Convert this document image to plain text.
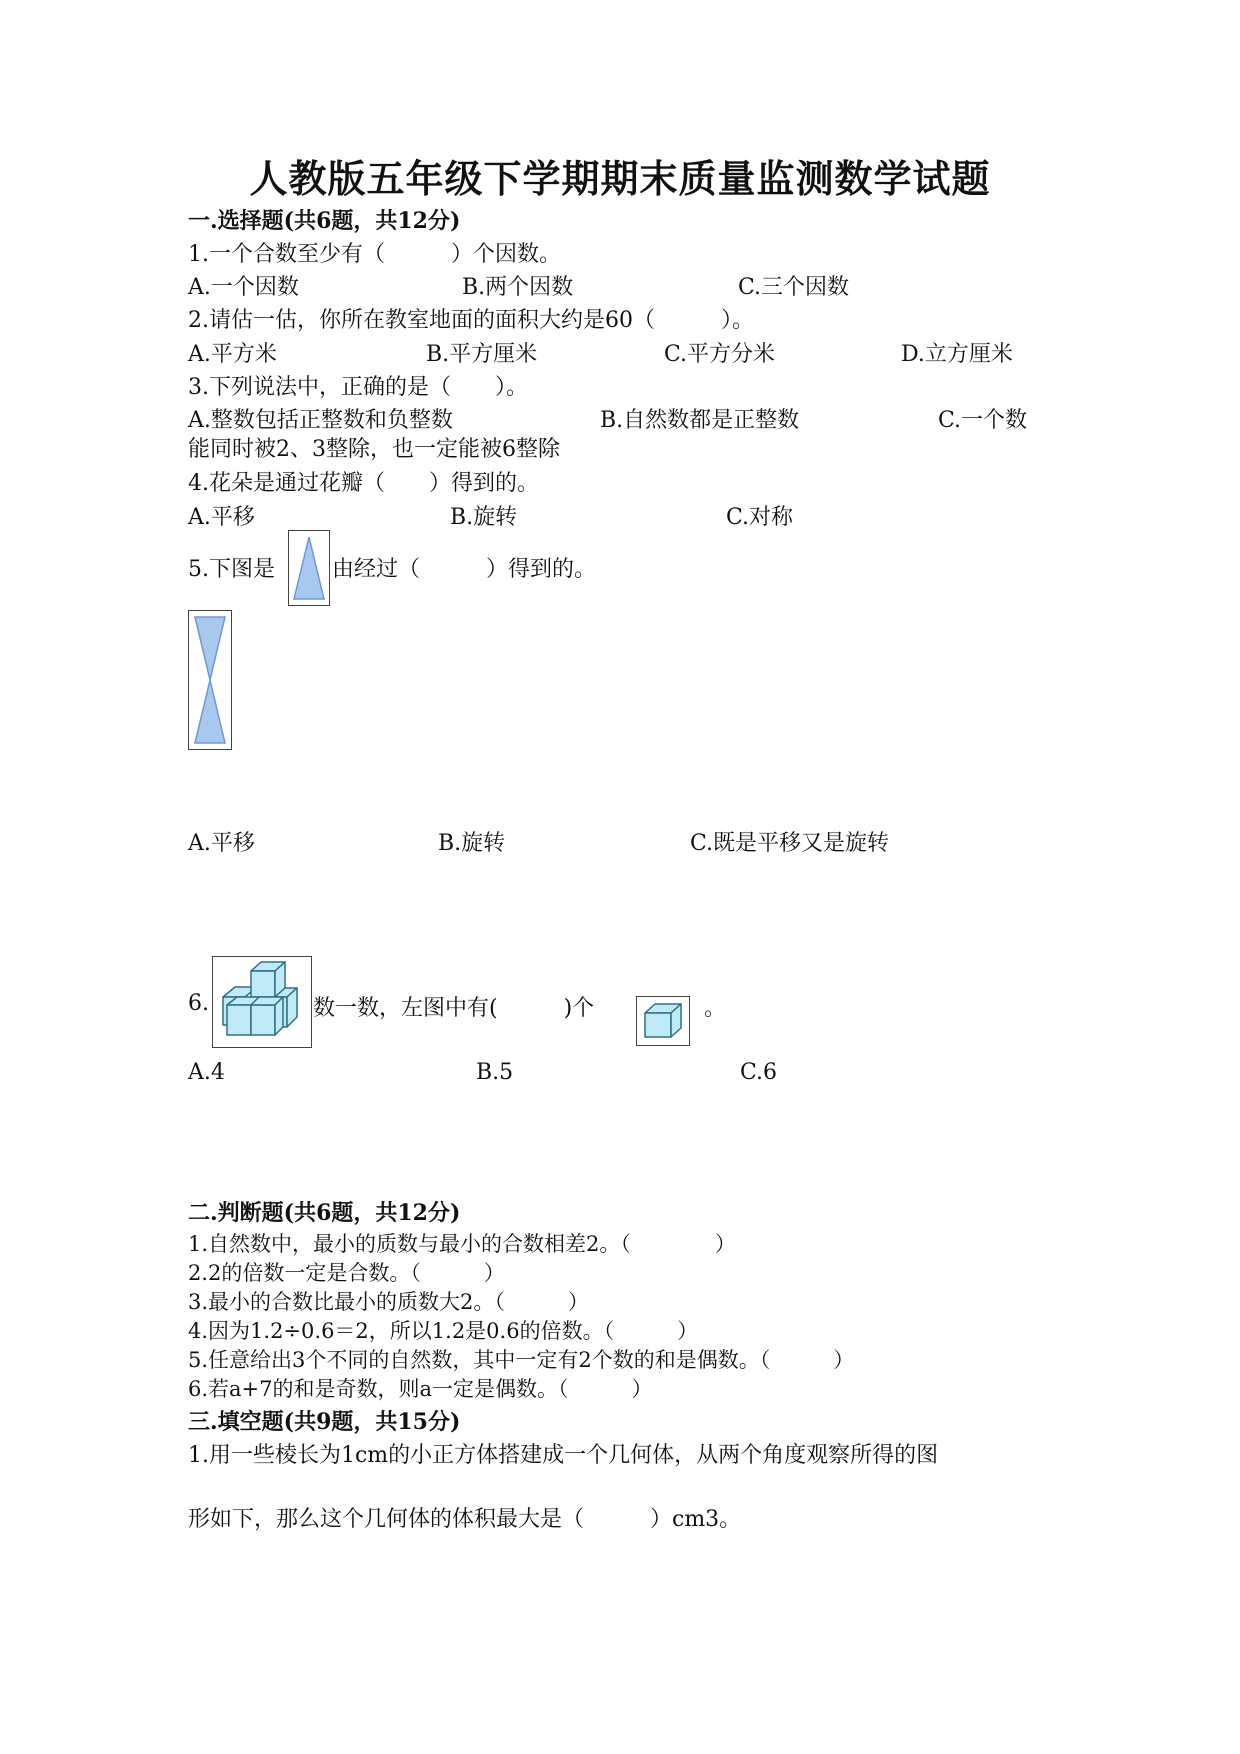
人教版五年级下学期期末质量监测数学试题
一.选择题(共6题，共12分)
1.一个合数至少有（　　　）个因数。
A.一个因数	B.两个因数	C.三个因数
2.请估一估，你所在教室地面的面积大约是60（　　　）。
A.平方米	B.平方厘米	C.平方分米	D.立方厘米
3.下列说法中，正确的是（　　）。
A.整数包括正整数和负整数	B.自然数都是正整数	C.一个数
能同时被2、3整除，也一定能被6整除
4.花朵是通过花瓣（　　）得到的。
A.平移	B.旋转	C.对称
5.下图是	由经过（　　　）得到的。
A.平移	B.旋转	C.既是平移又是旋转
6.	数一数，左图中有(　　　)个	。
A.4	B.5	C.6
二.判断题(共6题，共12分)
1.自然数中，最小的质数与最小的合数相差2。（　　　　）
2.2的倍数一定是合数。（　　　）
3.最小的合数比最小的质数大2。（　　　）
4.因为1.2÷0.6＝2，所以1.2是0.6的倍数。（　　　）
5.任意给出3个不同的自然数，其中一定有2个数的和是偶数。（　　　）
6.若a+7的和是奇数，则a一定是偶数。（　　　）
三.填空题(共9题，共15分)
1.用一些棱长为1cm的小正方体搭建成一个几何体，从两个角度观察所得的图
形如下，那么这个几何体的体积最大是（　　　）cm3。
